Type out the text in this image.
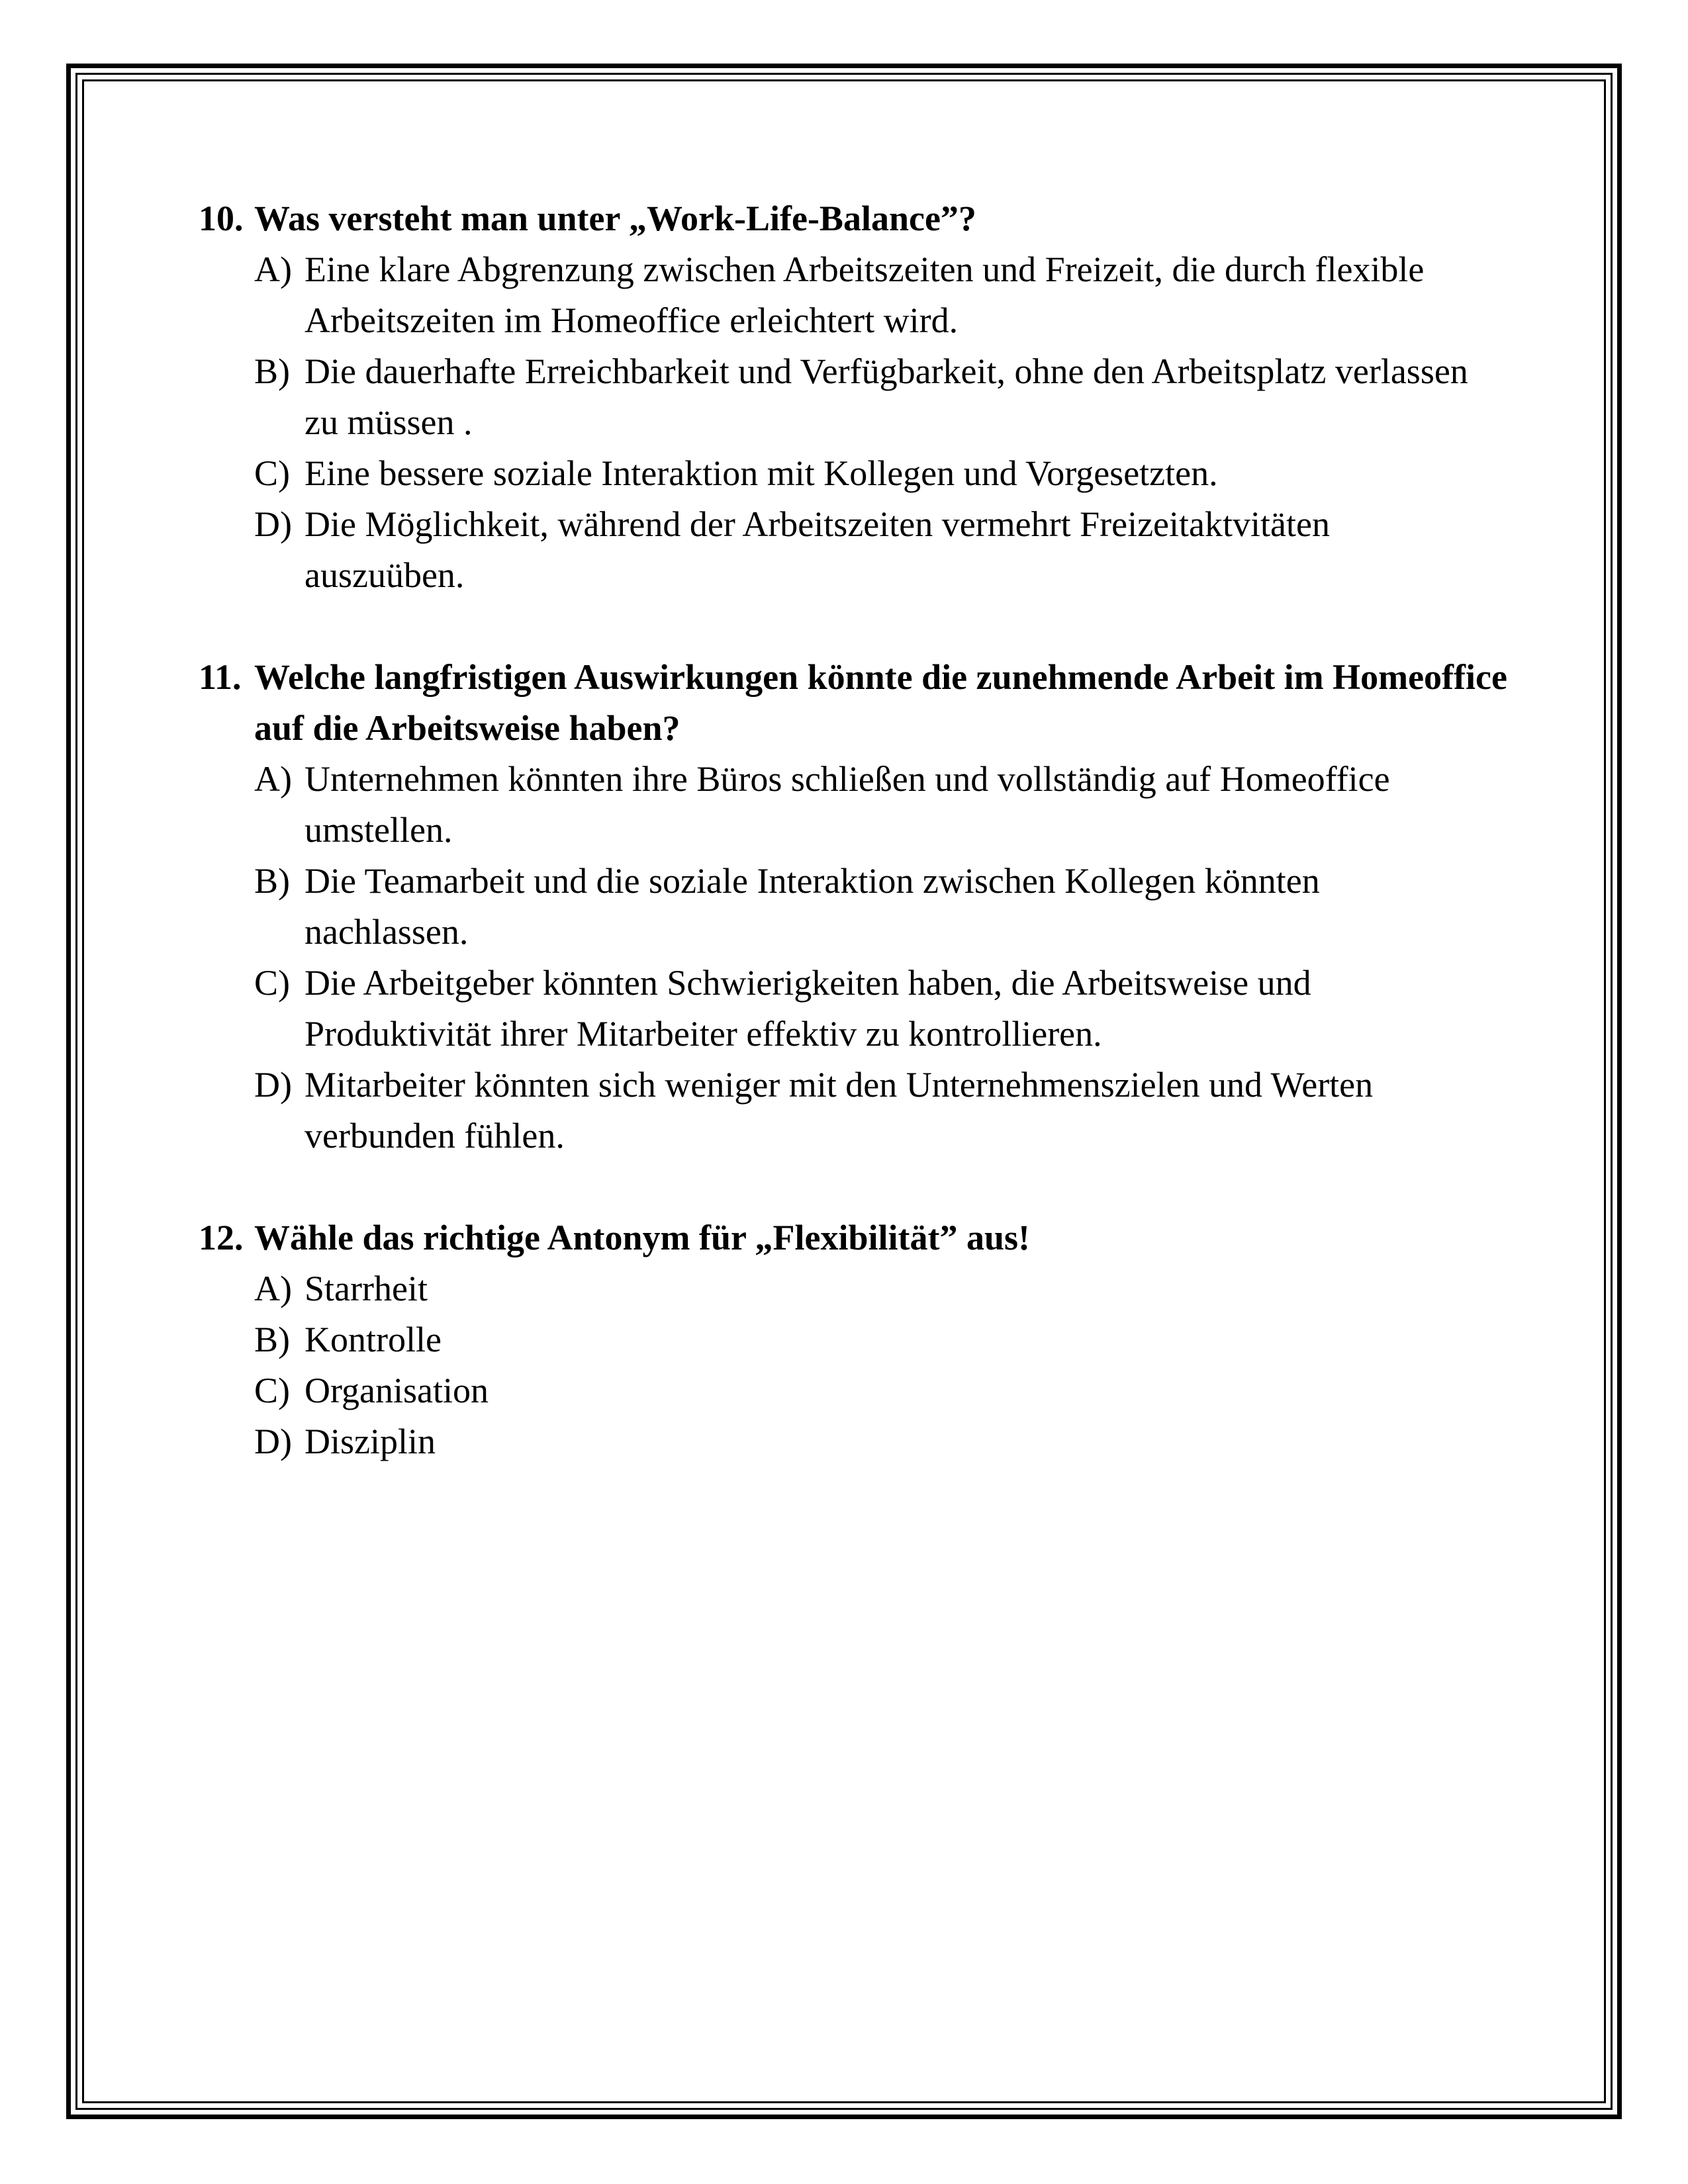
10. Was versteht man unter „Work-Life-Balance”?
A) Eine klare Abgrenzung zwischen Arbeitszeiten und Freizeit, die durch flexible Arbeitszeiten im Homeoffice erleichtert wird.
B) Die dauerhafte Erreichbarkeit und Verfügbarkeit, ohne den Arbeitsplatz verlassen zu müssen .
C) Eine bessere soziale Interaktion mit Kollegen und Vorgesetzten.
D) Die Möglichkeit, während der Arbeitszeiten vermehrt Freizeitaktvitäten auszuüben.
11. Welche langfristigen Auswirkungen könnte die zunehmende Arbeit im Homeoffice auf die Arbeitsweise haben?
A) Unternehmen könnten ihre Büros schließen und vollständig auf Homeoffice umstellen.
B) Die Teamarbeit und die soziale Interaktion zwischen Kollegen könnten nachlassen.
C) Die Arbeitgeber könnten Schwierigkeiten haben, die Arbeitsweise und Produktivität ihrer Mitarbeiter effektiv zu kontrollieren.
D) Mitarbeiter könnten sich weniger mit den Unternehmenszielen und Werten verbunden fühlen.
12. Wähle das richtige Antonym für „Flexibilität” aus!
A) Starrheit
B) Kontrolle
C) Organisation
D) Disziplin
